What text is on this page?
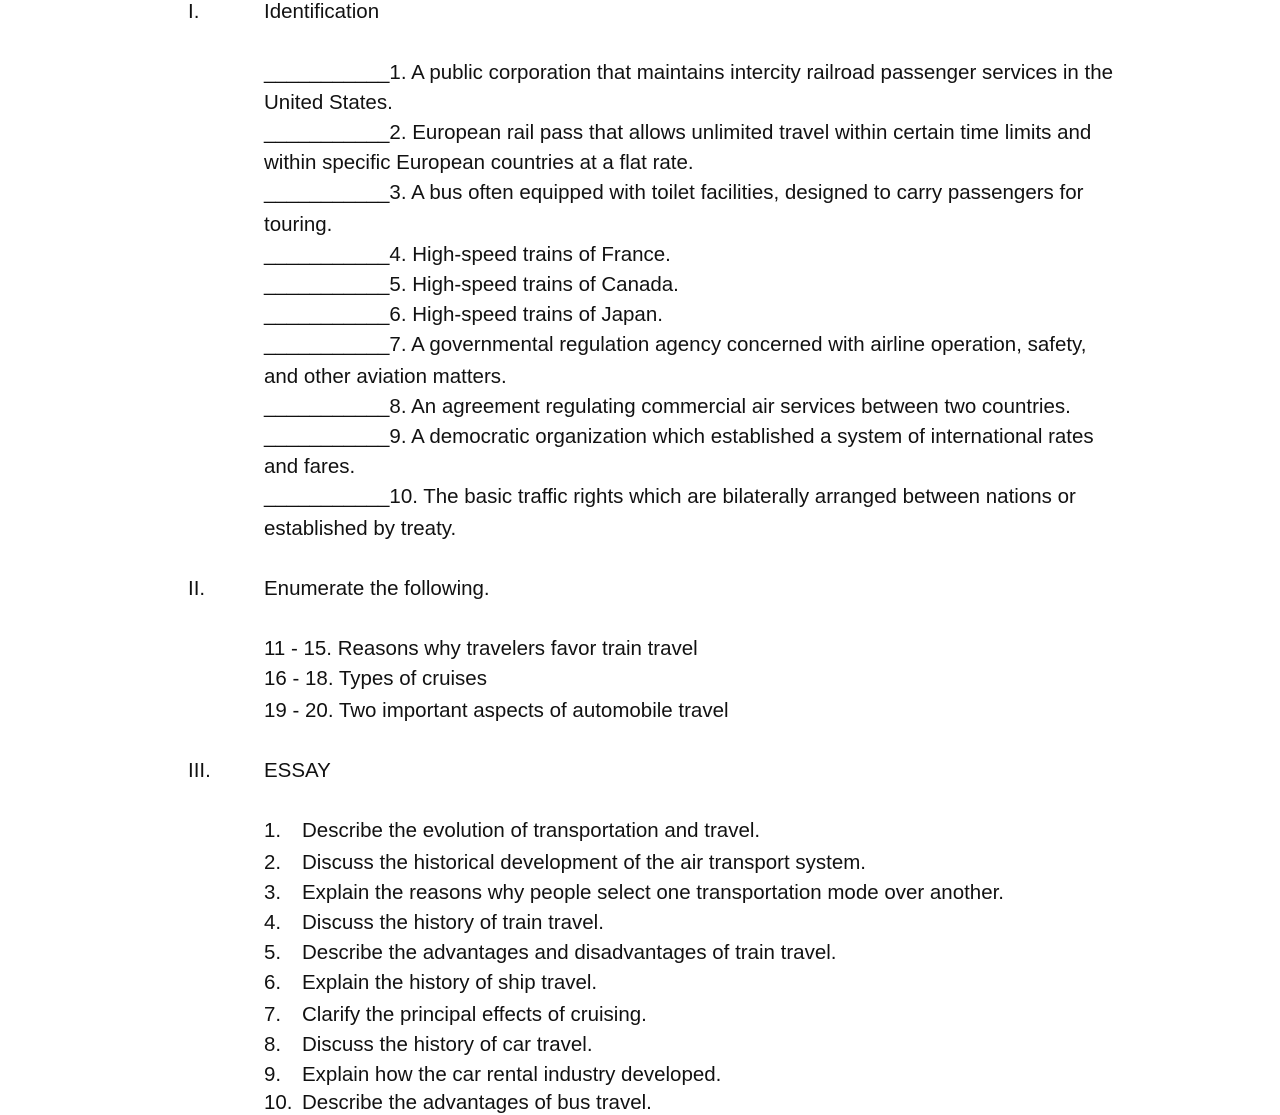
I.	Identification
___________1. A public corporation that maintains intercity railroad passenger services in the
United States.
___________2. European rail pass that allows unlimited travel within certain time limits and
within specific European countries at a flat rate.
___________3. A bus often equipped with toilet facilities, designed to carry passengers for
touring.
___________4. High-speed trains of France.
___________5. High-speed trains of Canada.
___________6. High-speed trains of Japan.
___________7. A governmental regulation agency concerned with airline operation, safety,
and other aviation matters.
___________8. An agreement regulating commercial air services between two countries.
___________9. A democratic organization which established a system of international rates
and fares.
___________10. The basic traffic rights which are bilaterally arranged between nations or
established by treaty.
II.	Enumerate the following.
11 - 15. Reasons why travelers favor train travel
16 - 18. Types of cruises
19 - 20. Two important aspects of automobile travel
III.	ESSAY
1. Describe the evolution of transportation and travel.
2. Discuss the historical development of the air transport system.
3. Explain the reasons why people select one transportation mode over another.
4. Discuss the history of train travel.
5. Describe the advantages and disadvantages of train travel.
6. Explain the history of ship travel.
7. Clarify the principal effects of cruising.
8. Discuss the history of car travel.
9. Explain how the car rental industry developed.
10. Describe the advantages of bus travel.
